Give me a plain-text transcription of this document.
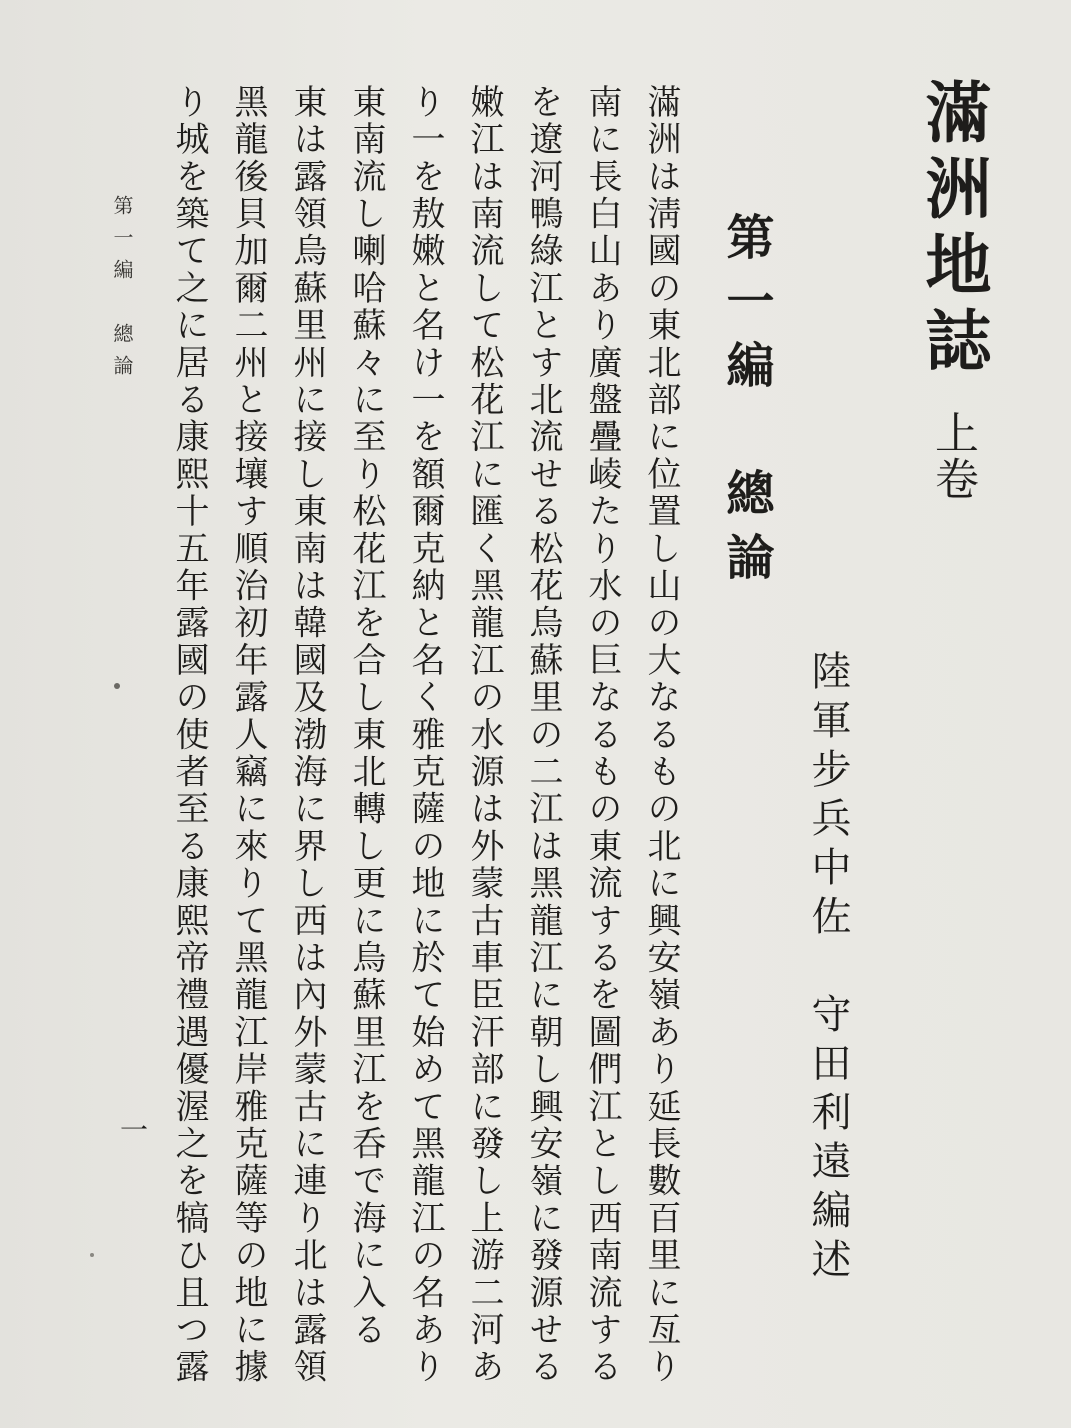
滿洲地誌
上卷
陸軍步兵中佐　守田利遠編述
第一編　總論
滿洲は淸國の東北部に位置し山の大なるもの北に興安嶺あり延長數百里に亙り
南に長白山あり廣盤疊崚たり水の巨なるもの東流するを圖們江とし西南流する
を遼河鴨綠江とす北流せる松花烏蘇里の二江は黑龍江に朝し興安嶺に發源せる
嫩江は南流して松花江に匯く黑龍江の水源は外蒙古車臣汗部に發し上游二河あ
り一を敖嫩と名け一を額爾克納と名く雅克薩の地に於て始めて黑龍江の名あり
東南流し喇哈蘇々に至り松花江を合し東北轉し更に烏蘇里江を呑で海に入る
東は露領烏蘇里州に接し東南は韓國及渤海に界し西は內外蒙古に連り北は露領
黑龍後貝加爾二州と接壤す順治初年露人竊に來りて黑龍江岸雅克薩等の地に據
り城を築て之に居る康熙十五年露國の使者至る康熙帝禮遇優渥之を犒ひ且つ露
第一編　總論
一
